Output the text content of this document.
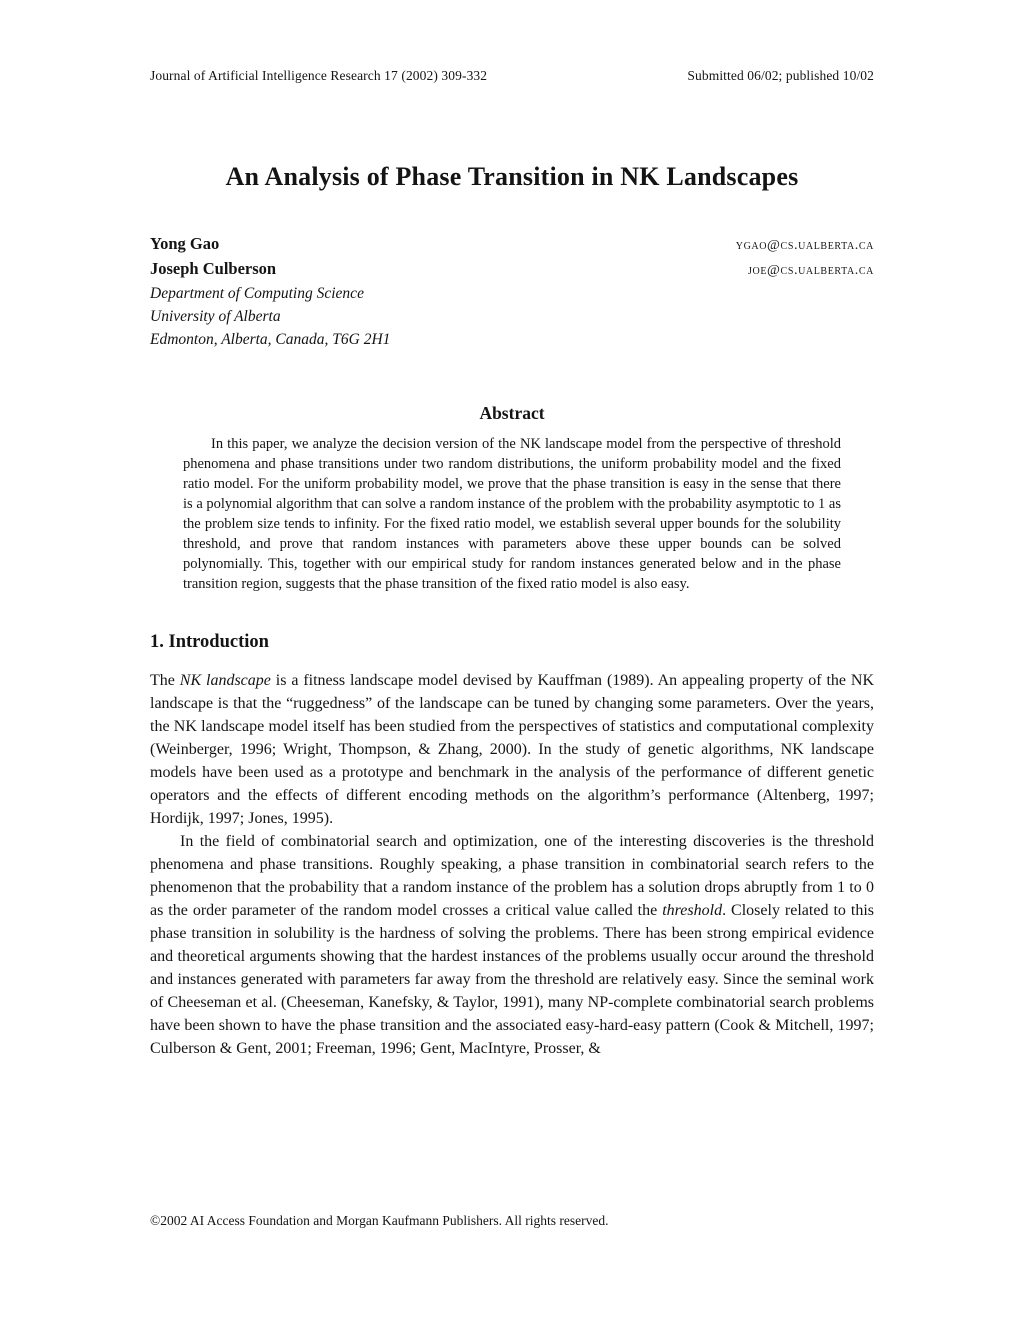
Journal of Artificial Intelligence Research 17 (2002) 309-332	Submitted 06/02; published 10/02
An Analysis of Phase Transition in NK Landscapes
Yong Gao	ygao@cs.ualberta.ca
Joseph Culberson	joe@cs.ualberta.ca
Department of Computing Science
University of Alberta
Edmonton, Alberta, Canada, T6G 2H1
Abstract

In this paper, we analyze the decision version of the NK landscape model from the perspective of threshold phenomena and phase transitions under two random distributions, the uniform probability model and the fixed ratio model. For the uniform probability model, we prove that the phase transition is easy in the sense that there is a polynomial algorithm that can solve a random instance of the problem with the probability asymptotic to 1 as the problem size tends to infinity. For the fixed ratio model, we establish several upper bounds for the solubility threshold, and prove that random instances with parameters above these upper bounds can be solved polynomially. This, together with our empirical study for random instances generated below and in the phase transition region, suggests that the phase transition of the fixed ratio model is also easy.

1. Introduction

The NK landscape is a fitness landscape model devised by Kauffman (1989). An appealing property of the NK landscape is that the “ruggedness” of the landscape can be tuned by changing some parameters. Over the years, the NK landscape model itself has been studied from the perspectives of statistics and computational complexity (Weinberger, 1996; Wright, Thompson, & Zhang, 2000). In the study of genetic algorithms, NK landscape models have been used as a prototype and benchmark in the analysis of the performance of different genetic operators and the effects of different encoding methods on the algorithm’s performance (Altenberg, 1997; Hordijk, 1997; Jones, 1995).

In the field of combinatorial search and optimization, one of the interesting discoveries is the threshold phenomena and phase transitions. Roughly speaking, a phase transition in combinatorial search refers to the phenomenon that the probability that a random instance of the problem has a solution drops abruptly from 1 to 0 as the order parameter of the random model crosses a critical value called the threshold. Closely related to this phase transition in solubility is the hardness of solving the problems. There has been strong empirical evidence and theoretical arguments showing that the hardest instances of the problems usually occur around the threshold and instances generated with parameters far away from the threshold are relatively easy. Since the seminal work of Cheeseman et al. (Cheeseman, Kanefsky, & Taylor, 1991), many NP-complete combinatorial search problems have been shown to have the phase transition and the associated easy-hard-easy pattern (Cook & Mitchell, 1997; Culberson & Gent, 2001; Freeman, 1996; Gent, MacIntyre, Prosser, &

©2002 AI Access Foundation and Morgan Kaufmann Publishers. All rights reserved.
